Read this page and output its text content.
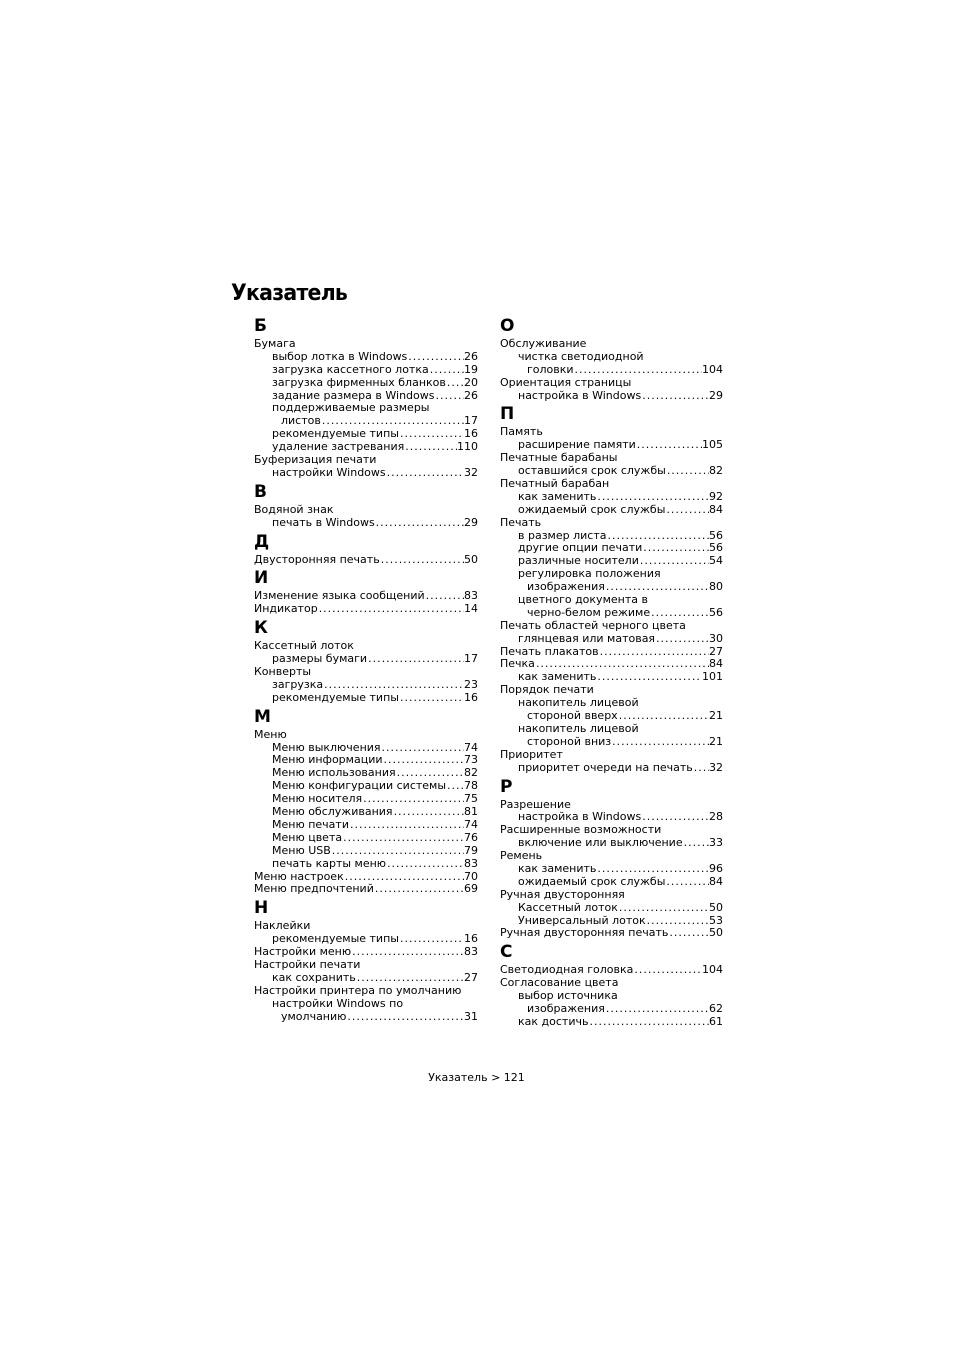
Указатель
Б
Бумага
выбор лотка в Windows .....	26
загрузка кассетного лотка .....	19
загрузка фирменных бланков ..... 20
задание размера в Windows .....	26
поддерживаемые размеры
листов .....	17
рекомендуемые типы .....	16
удаление застревания .....	110
Буферизация печати
настройки Windows .....	32
В
Водяной знак
печать в Windows .....	29
Д
Двусторонняя печать .....	50
И
Изменение языка сообщений .....	83
Индикатор .....	14
К
Кассетный лоток
размеры бумаги .....	17
Конверты
загрузка .....	23
рекомендуемые типы .....	16
М
Меню
Меню выключения .....	74
Меню информации .....	73
Меню использования .....	82
Меню конфигурации системы ..... 78
Меню носителя .....	75
Меню обслуживания .....	81
Меню печати .....	74
Меню цвета .....	76
Меню USB .....	79
печать карты меню .....	83
Меню настроек .....	70
Меню предпочтений .....	69
Н
Наклейки
рекомендуемые типы .....	16
Настройки меню .....	83
Настройки печати
как сохранить .....	27
Настройки принтера по умолчанию
настройки Windows по
умолчанию .....	31
О
Обслуживание
чистка светодиодной
головки .....	104
Ориентация страницы
настройка в Windows .....	29
П
Память
расширение памяти .....	105
Печатные барабаны
оставшийся срок службы .....	82
Печатный барабан
как заменить .....	92
ожидаемый срок службы .....	84
Печать
в размер листа .....	56
другие опции печати .....	56
различные носители .....	54
регулировка положения
изображения .....	80
цветного документа в
черно-белом режиме .....	56
Печать областей черного цвета
глянцевая или матовая .....	30
Печать плакатов .....	27
Печка .....	84
как заменить .....	101
Порядок печати
накопитель лицевой
стороной вверх .....	21
накопитель лицевой
стороной вниз .....	21
Приоритет
приоритет очереди на печать ..... 32
Р
Разрешение
настройка в Windows .....	28
Расширенные возможности
включение или выключение ..... 33
Ремень
как заменить .....	96
ожидаемый срок службы .....	84
Ручная двусторонняя
Кассетный лоток .....	50
Универсальный лоток .....	53
Ручная двусторонняя печать .....	50
С
Светодиодная головка .....	104
Согласование цвета
выбор источника
изображения .....	62
как достичь .....	61
Указатель > 121
